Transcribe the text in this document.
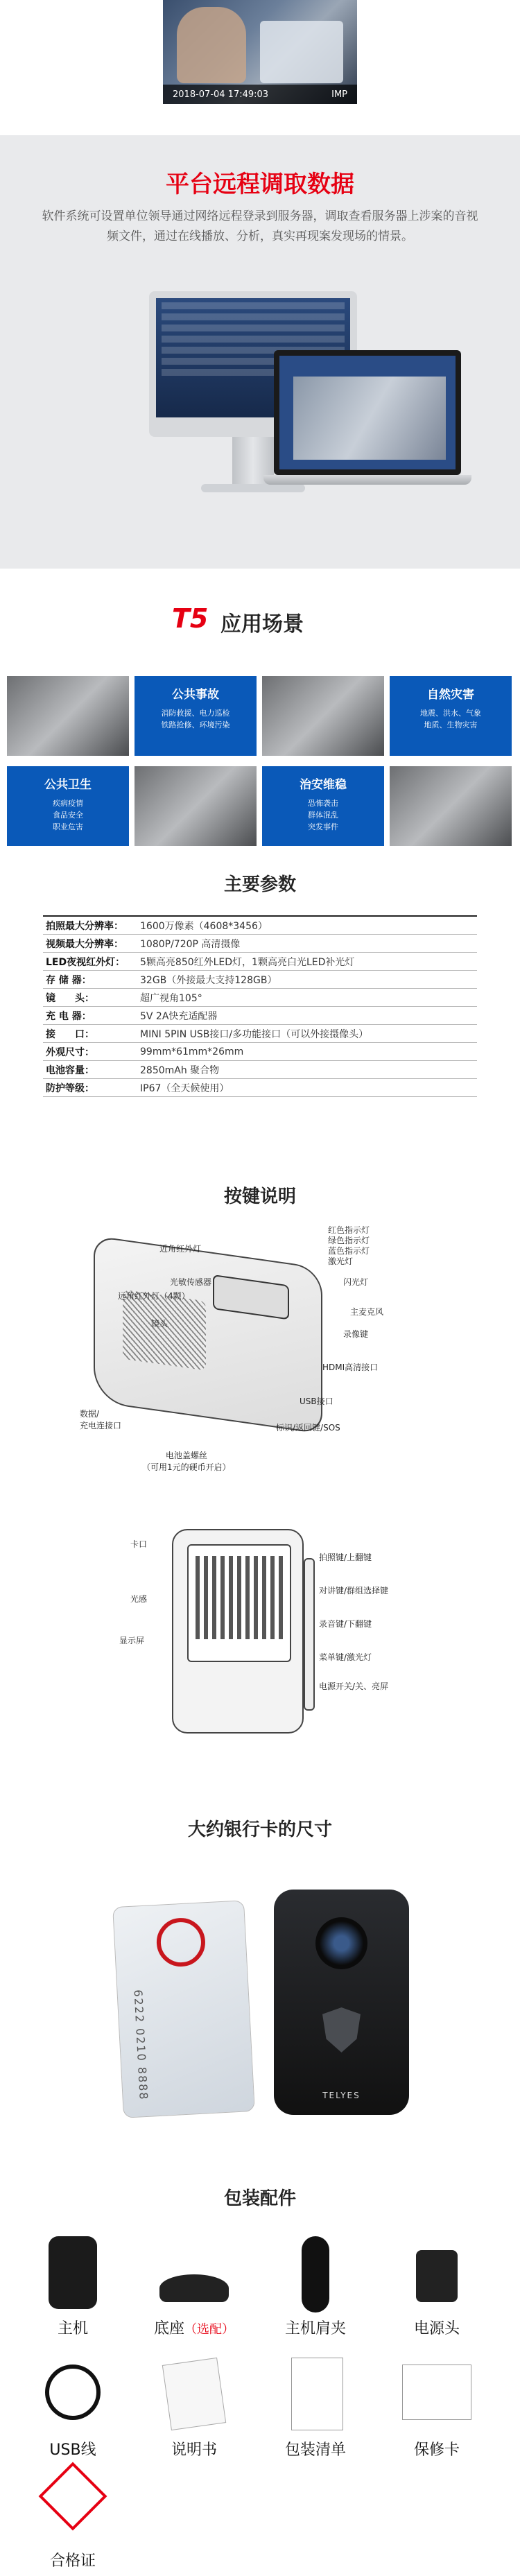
2018-07-04 17:49:03	IMP
平台远程调取数据

软件系统可设置单位领导通过网络远程登录到服务器，调取查看服务器上涉案的音视频文件，通过在线播放、分析，真实再现案发现场的情景。

T5 应用场景
公共事故
消防救援、电力巡检
铁路抢修、环境污染
自然灾害
地震、洪水、气象
地质、生物灾害
公共卫生
疾病疫情
食品安全
职业危害
治安维稳
恐怖袭击
群体混乱
突发事件
主要参数
拍照最大分辨率：	1600万像素（4608*3456）
视频最大分辨率：	1080P/720P 高清摄像
LED夜视红外灯：	5颗高亮850红外LED灯，1颗高亮白光LED补光灯
存 储 器：	32GB（外接最大支持128GB）
镜　　头：	超广视角105°
充 电 器：	5V 2A快充适配器
接　　口：	MINI 5PIN USB接口/多功能接口（可以外接摄像头）
外观尺寸：	99mm*61mm*26mm
电池容量：	2850mAh 聚合物
防护等级：	IP67（全天候使用）
按键说明
近角红外灯
光敏传感器
远角红外灯（4颗）
镜头
红色指示灯
绿色指示灯
蓝色指示灯
激光灯
闪光灯
主麦克风
录像键
HDMI高清接口
USB接口
数据/
充电连接口	标识/返回键/SOS
电池盖螺丝
（可用1元的硬币开启）
卡口
光感
显示屏
拍照键/上翻键
对讲键/群组选择键
录音键/下翻键
菜单键/激光灯
电源开关/关、亮屏
大约银行卡的尺寸
6222 0210 8888	TELYES
包装配件
主机	底座（选配）	主机肩夹	电源头
USB线	说明书	包装清单	保修卡
合格证
